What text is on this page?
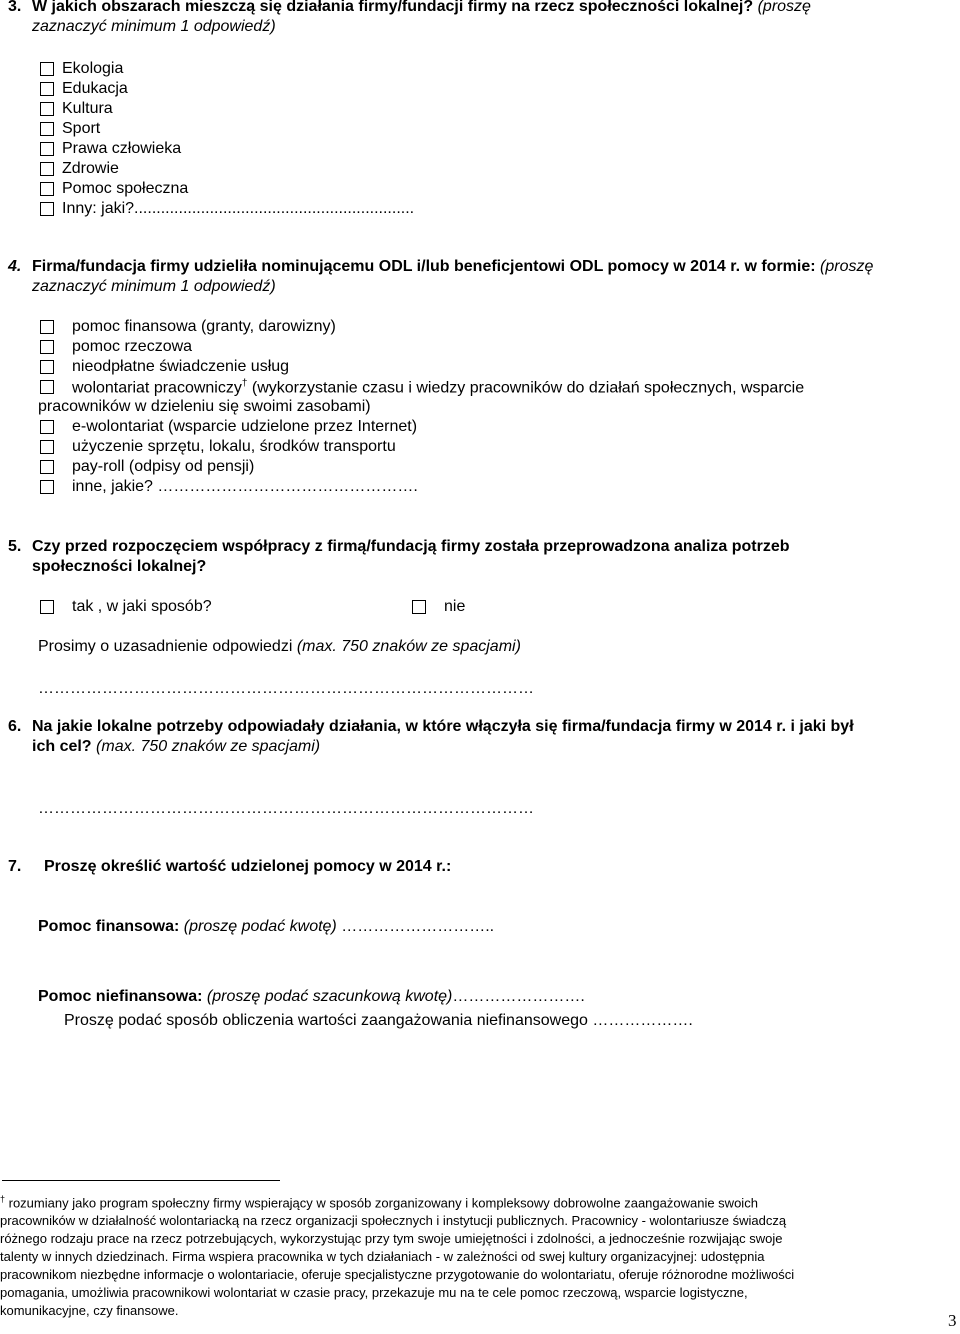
3. W jakich obszarach mieszczą się działania firmy/fundacji firmy na rzecz społeczności lokalnej? (proszę
zaznaczyć minimum 1 odpowiedź)
Ekologia
Edukacja
Kultura
Sport
Prawa człowieka
Zdrowie
Pomoc społeczna
Inny: jaki?...............................................................
4. Firma/fundacja firmy udzieliła nominującemu ODL i/lub beneficjentowi ODL pomocy w 2014 r. w formie: (proszę
zaznaczyć minimum 1 odpowiedź)
pomoc finansowa (granty, darowizny)
pomoc rzeczowa
nieodpłatne świadczenie usług
wolontariat pracowniczy† (wykorzystanie czasu i wiedzy pracowników do działań społecznych, wsparcie
pracowników w dzieleniu się swoimi zasobami)
e-wolontariat (wsparcie udzielone przez Internet)
użyczenie sprzętu, lokalu, środków transportu
pay-roll (odpisy od pensji)
inne, jakie? ………………………………………….
5. Czy przed rozpoczęciem współpracy z firmą/fundacją firmy została przeprowadzona analiza potrzeb
społeczności lokalnej?
tak , w jaki sposób?	nie
Prosimy o uzasadnienie odpowiedzi (max. 750 znaków ze spacjami)
…………………………………………………………………………………
6. Na jakie lokalne potrzeby odpowiadały działania, w które włączyła się firma/fundacja firmy w 2014 r. i jaki był
ich cel? (max. 750 znaków ze spacjami)
…………………………………………………………………………………
7. Proszę określić wartość udzielonej pomocy w 2014 r.:
Pomoc finansowa: (proszę podać kwotę) ………………………..
Pomoc niefinansowa: (proszę podać szacunkową kwotę)…………………….
Proszę podać sposób obliczenia wartości zaangażowania niefinansowego ……………….
† rozumiany jako program społeczny firmy wspierający w sposób zorganizowany i kompleksowy dobrowolne zaangażowanie swoich
pracowników w działalność wolontariacką na rzecz organizacji społecznych i instytucji publicznych. Pracownicy - wolontariusze świadczą
różnego rodzaju prace na rzecz potrzebujących, wykorzystując przy tym swoje umiejętności i zdolności, a jednocześnie rozwijając swoje
talenty w innych dziedzinach. Firma wspiera pracownika w tych działaniach - w zależności od swej kultury organizacyjnej: udostępnia
pracownikom niezbędne informacje o wolontariacie, oferuje specjalistyczne przygotowanie do wolontariatu, oferuje różnorodne możliwości
pomagania, umożliwia pracownikowi wolontariat w czasie pracy, przekazuje mu na te cele pomoc rzeczową, wsparcie logistyczne,
komunikacyjne, czy finansowe.
3
